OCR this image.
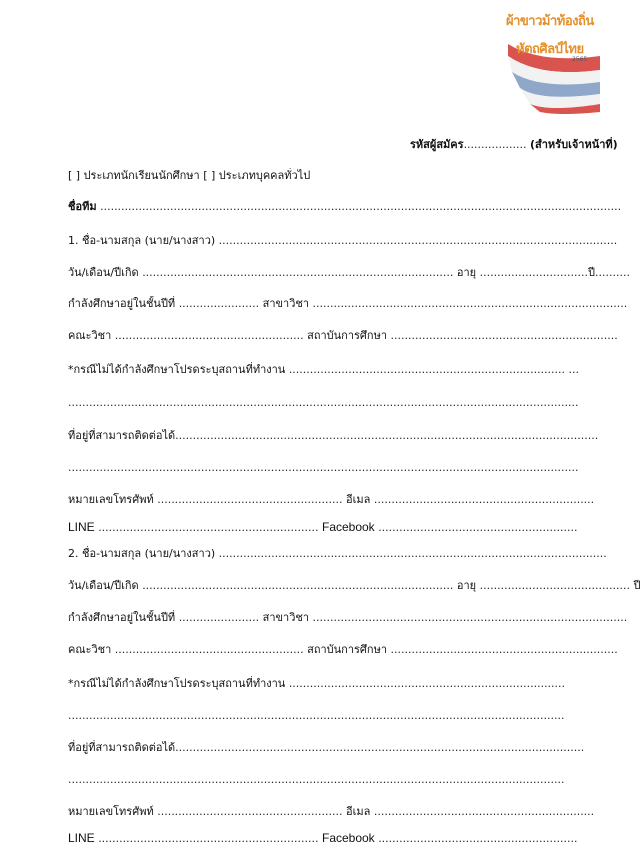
ผ้าขาวม้าท้องถิ่น
หัตถศิลป์ไทย
2565
รหัสผู้สมัคร.................. (สำหรับเจ้าหน้าที่)
[ ] ประเภทนักเรียนนักศึกษา [ ] ประเภทบุคคลทั่วไป
ชื่อทีม .....................................................................................................................................................
1. ชื่อ-นามสกุล (นาย/นางสาว) ..................................................................................................................
วัน/เดือน/ปีเกิด ......................................................................................... อายุ ...............................ปี..........
กำลังศึกษาอยู่ในชั้นปีที่ ....................... สาขาวิชา ..........................................................................................
คณะวิชา ...................................................... สถาบันการศึกษา .................................................................
*กรณีไม่ได้กำลังศึกษาโปรดระบุสถานที่ทำงาน ............................................................................... ...
..................................................................................................................................................
ที่อยู่ที่สามารถติดต่อได้.........................................................................................................................
..................................................................................................................................................
หมายเลขโทรศัพท์ ..................................................... อีเมล ...............................................................
LINE ............................................................... Facebook .........................................................
2. ชื่อ-นามสกุล (นาย/นางสาว) ...............................................................................................................
วัน/เดือน/ปีเกิด ......................................................................................... อายุ ........................................... ปี
กำลังศึกษาอยู่ในชั้นปีที่ ....................... สาขาวิชา ..........................................................................................
คณะวิชา ...................................................... สถาบันการศึกษา .................................................................
*กรณีไม่ได้กำลังศึกษาโปรดระบุสถานที่ทำงาน ...............................................................................
..............................................................................................................................................
ที่อยู่ที่สามารถติดต่อได้.....................................................................................................................
..............................................................................................................................................
หมายเลขโทรศัพท์ ..................................................... อีเมล ...............................................................
LINE ............................................................... Facebook .........................................................
